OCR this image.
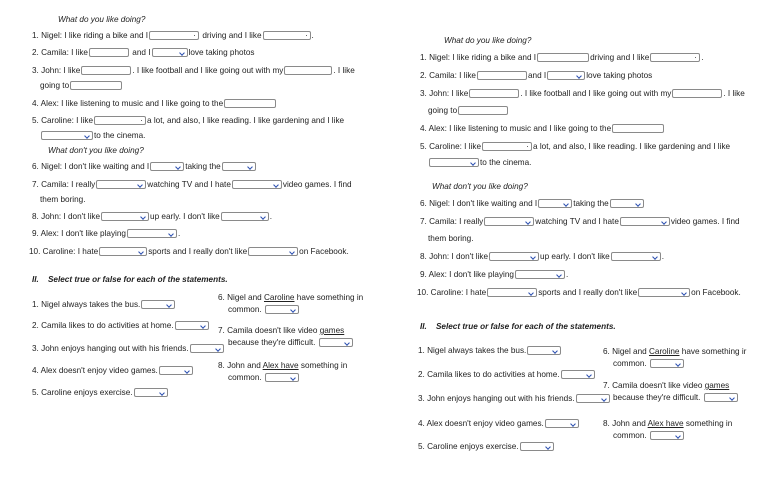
What do you like doing?
1. Nigel: I like riding a bike and I	driving and I like	.
2. Camila: I like	and I	love taking photos
3. John: I like	. I like football and I like going out with my	. I like
going to
4. Alex: I like listening to music and I like going to the
5. Caroline: I like	a lot, and also, I like reading. I like gardening and I like
to the cinema.
What don't you like doing?
6. Nigel: I don't like waiting and I	taking the
7. Camila: I really	watching TV and I hate	video games. I find
them boring.
8. John: I don't like	up early. I don't like	.
9. Alex: I don't like playing	.
10. Caroline: I hate	sports and I really don't like	on Facebook.
II. Select true or false for each of the statements.
1. Nigel always takes the bus.
2. Camila likes to do activities at home.
3. John enjoys hanging out with his friends.
4. Alex doesn't enjoy video games.
5. Caroline enjoys exercise.
6. Nigel and Caroline have something in
common.
7. Camila doesn't like video games
because they're difficult.
8. John and Alex have something in
common.
What do you like doing?
1. Nigel: I like riding a bike and I	driving and I like	.
2. Camila: I like	and I	love taking photos
3. John: I like	. I like football and I like going out with my	. I like
going to
4. Alex: I like listening to music and I like going to the
5. Caroline: I like	a lot, and also, I like reading. I like gardening and I like
to the cinema.
What don't you like doing?
6. Nigel: I don't like waiting and I	taking the
7. Camila: I really	watching TV and I hate	video games. I find
them boring.
8. John: I don't like	up early. I don't like	.
9. Alex: I don't like playing	.
10. Caroline: I hate	sports and I really don't like	on Facebook.
II. Select true or false for each of the statements.
1. Nigel always takes the bus.
2. Camila likes to do activities at home.
3. John enjoys hanging out with his friends.
4. Alex doesn't enjoy video games.
5. Caroline enjoys exercise.
6. Nigel and Caroline have something ir
common.
7. Camila doesn't like video games
because they're difficult.
8. John and Alex have something in
common.
